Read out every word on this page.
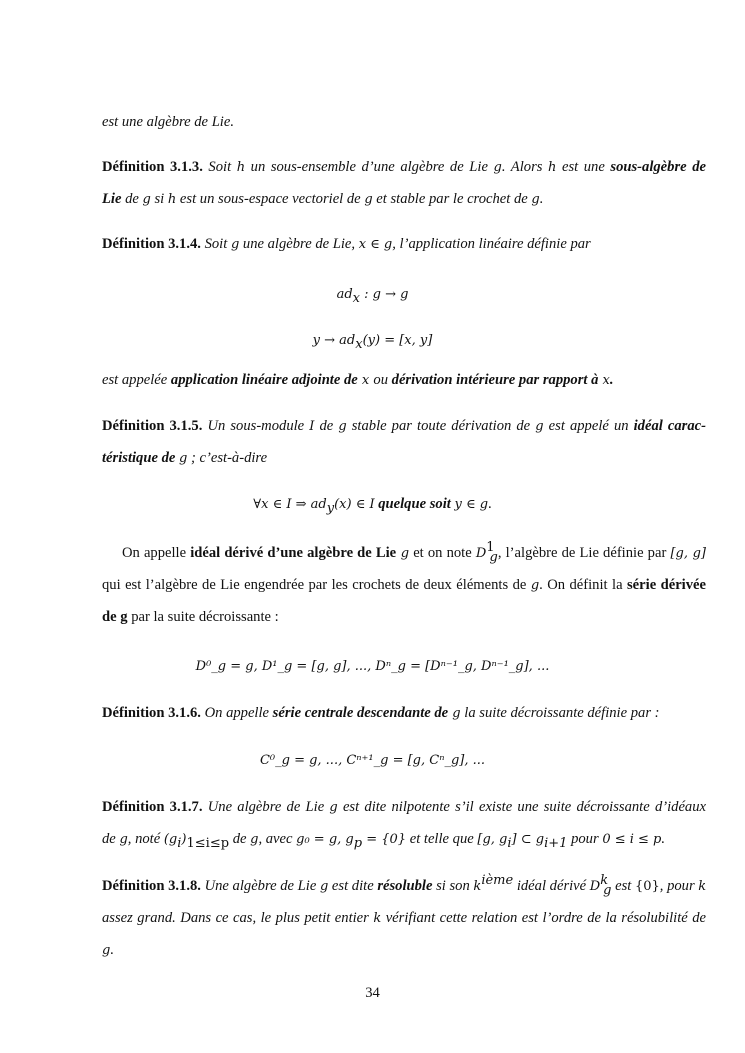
est une algèbre de Lie.
Définition 3.1.3. Soit h un sous-ensemble d’une algèbre de Lie g. Alors h est une sous-algèbre de
Lie de g si h est un sous-espace vectoriel de g et stable par le crochet de g.
Définition 3.1.4. Soit g une algèbre de Lie, x ∈ g, l’application linéaire définie par
$ad_x$ : g → g
$y \to ad_x(y) = [x$, y]
est appelée application linéaire adjointe de x ou dérivation intérieure par rapport à x.
Définition 3.1.5. Un sous-module I de g stable par toute dérivation de g est appelé un idéal carac-
téristique de g ; c’est-à-dire
∀x ∈ I ⇒ $ad_y(x)$ ∈ I quelque soit y ∈ g.
On appelle idéal dérivé d’une algèbre de Lie g et on note $D^1_g$, l’algèbre de Lie définie par [g, g]
qui est l’algèbre de Lie engendrée par les crochets de deux éléments de g. On définit la série dérivée
de g par la suite décroissante :
D⁰_g = g, D¹_g = [g, g], ..., Dⁿ_g = [Dⁿ⁻¹_g, Dⁿ⁻¹_g], ...
Définition 3.1.6. On appelle série centrale descendante de g la suite décroissante définie par :
C⁰_g = g, ..., Cⁿ⁺¹_g = [g, Cⁿ_g], ...
Définition 3.1.7. Une algèbre de Lie g est dite nilpotente s’il existe une suite décroissante d’idéaux
de g, noté $(g_i)_{1\le i\le p}$ de g, avec g₀ = g, $g_p = \{0\}$ et telle que [g, $g_i$] ⊂ $g_{i+1}$ pour 0 ≤ i ≤ p.
Définition 3.1.8. Une algèbre de Lie g est dite résoluble si son $k^{ième}$ idéal dérivé $D^k_g$ est {0}, pour k
assez grand. Dans ce cas, le plus petit entier k vérifiant cette relation est l’ordre de la résolubilité de
g.
34
